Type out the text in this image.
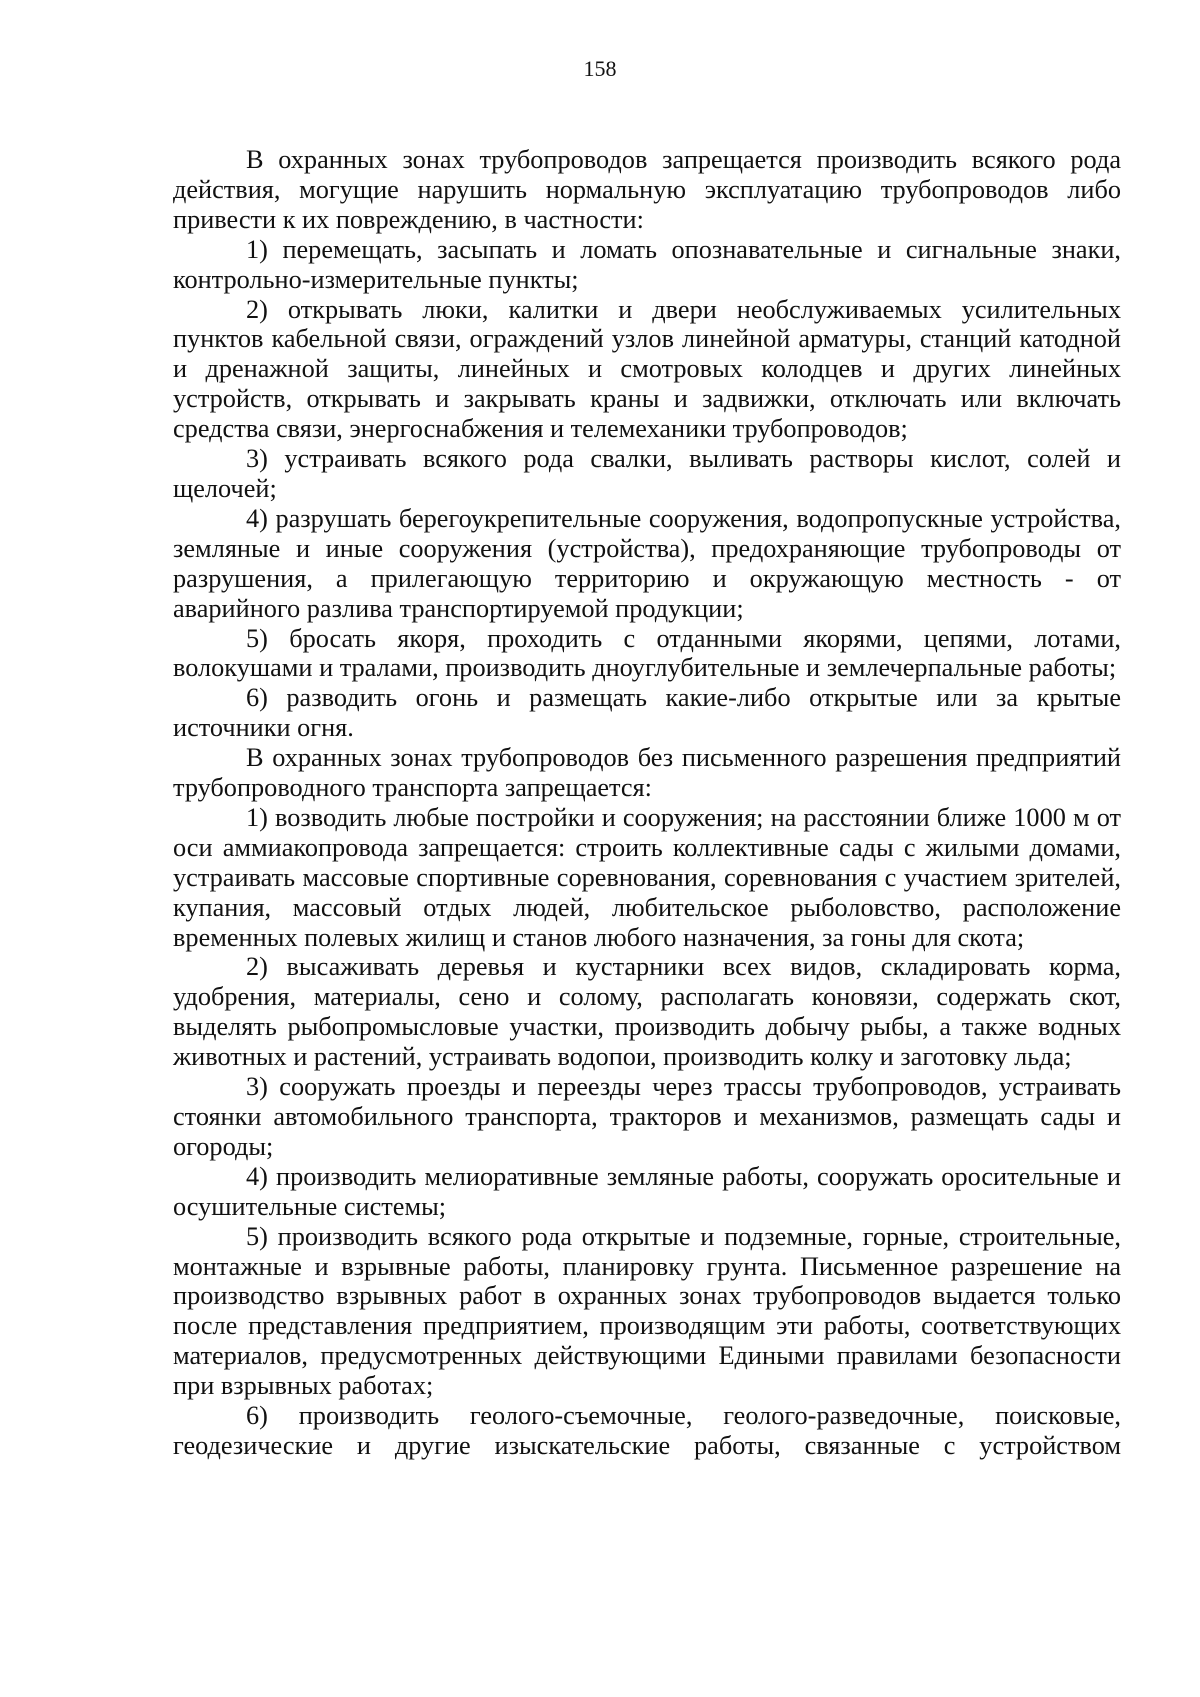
158

В охранных зонах трубопроводов запрещается производить всякого рода действия, могущие нарушить нормальную эксплуатацию трубопроводов либо привести к их повреждению, в частности:

1) перемещать, засыпать и ломать опознавательные и сигнальные знаки, контрольно-измерительные пункты;

2) открывать люки, калитки и двери необслуживаемых усилительных пунктов кабельной связи, ограждений узлов линейной арматуры, станций катодной и дренажной защиты, линейных и смотровых колодцев и других линейных устройств, открывать и закрывать краны и задвижки, отключать или включать средства связи, энергоснабжения и телемеханики трубопроводов;

3) устраивать всякого рода свалки, выливать растворы кислот, солей и щелочей;

4) разрушать берегоукрепительные сооружения, водопропускные устройства, земляные и иные сооружения (устройства), предохраняющие трубопроводы от разрушения, а прилегающую территорию и окружающую местность - от аварийного разлива транспортируемой продукции;

5) бросать якоря, проходить с отданными якорями, цепями, лотами, волокушами и тралами, производить дноуглубительные и землечерпальные работы;

6) разводить огонь и размещать какие-либо открытые или за крытые источники огня.

В охранных зонах трубопроводов без письменного разрешения предприятий трубопроводного транспорта запрещается:

1) возводить любые постройки и сооружения; на расстоянии ближе 1000 м от оси аммиакопровода запрещается: строить коллективные сады с жилыми домами, устраивать массовые спортивные соревнования, соревнования с участием зрителей, купания, массовый отдых людей, любительское рыболовство, расположение временных полевых жилищ и станов любого назначения, за гоны для скота;

2) высаживать деревья и кустарники всех видов, складировать корма, удобрения, материалы, сено и солому, располагать коновязи, содержать скот, выделять рыбопромысловые участки, производить добычу рыбы, а также водных животных и растений, устраивать водопои, производить колку и заготовку льда;

3) сооружать проезды и переезды через трассы трубопроводов, устраивать стоянки автомобильного транспорта, тракторов и механизмов, размещать сады и огороды;

4) производить мелиоративные земляные работы, сооружать оросительные и осушительные системы;

5) производить всякого рода открытые и подземные, горные, строительные, монтажные и взрывные работы, планировку грунта. Письменное разрешение на производство взрывных работ в охранных зонах трубопроводов выдается только после представления предприятием, производящим эти работы, соответствующих материалов, предусмотренных действующими Едиными правилами безопасности при взрывных работах;

6) производить геолого-съемочные, геолого-разведочные, поисковые, геодезические и другие изыскательские работы, связанные с устройством
